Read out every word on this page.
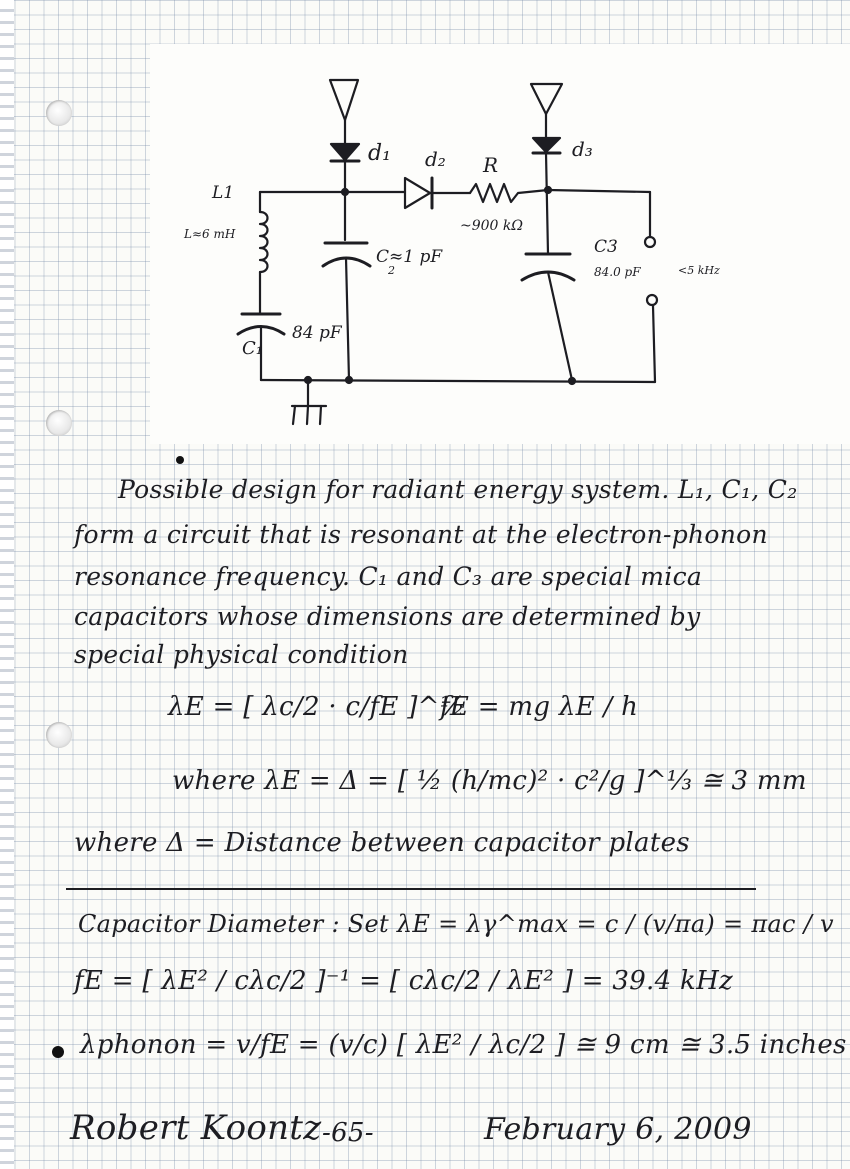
d₁ d₂	d₃
R
~900 kΩ
L1
L≈6 mH
C₁
84 pF
C≈1 pF
2
C3
84.0 pF	<5 kHz
Possible design for radiant energy system. L₁, C₁, C₂
form a circuit that is resonant at the electron-phonon
resonance frequency. C₁ and C₃ are special mica
capacitors whose dimensions are determined by
special physical condition
λE = [ λc/2 · c/fE ]^½
fE = mg λE / h
where λE = Δ = [ ½ (h/mc)² · c²/g ]^⅓ ≅ 3 mm
where Δ = Distance between capacitor plates
Capacitor Diameter : Set λE = λγ^max = c / (v/πa) = πac / v
fE = [ λE² / cλc/2 ]⁻¹ = [ cλc/2 / λE² ] = 39.4 kHz
λphonon = v/fE = (v/c) [ λE² / λc/2 ] ≅ 9 cm ≅ 3.5 inches
Robert Koontz -65-	February 6, 2009
